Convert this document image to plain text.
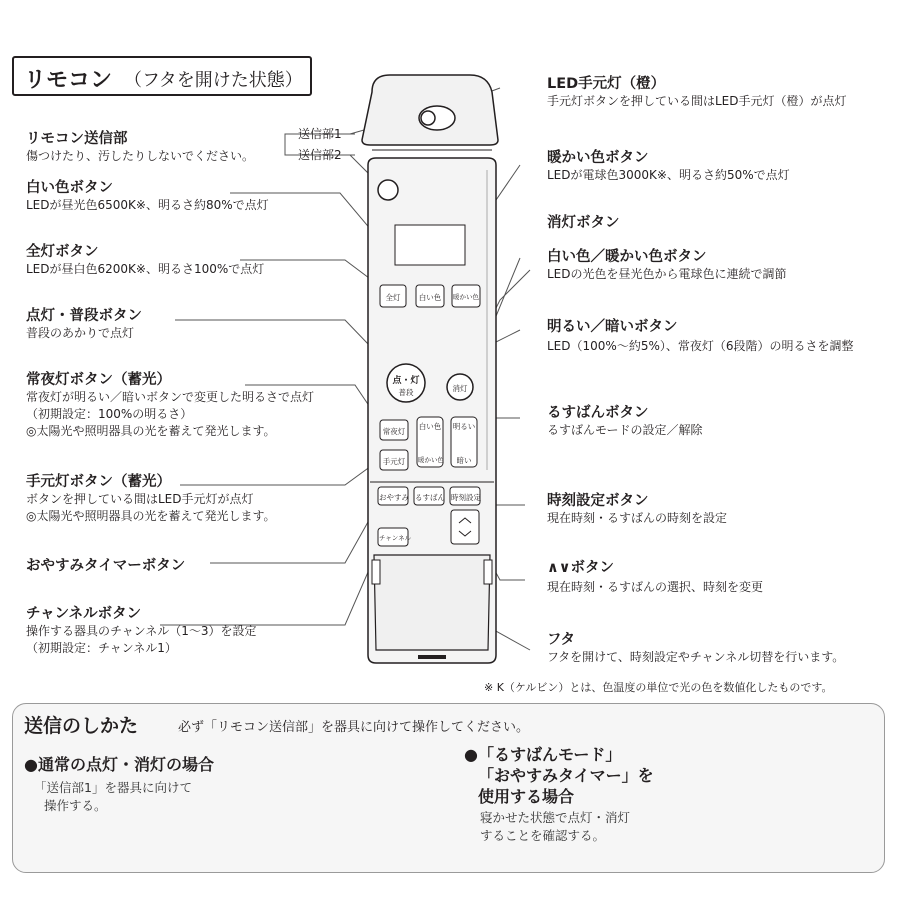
リモコン （フタを開けた状態）
全灯	白い色 暖かい色
点・灯
普段	消灯
常夜灯
手元灯
白い色
暖かい色
明るい
暗い
おやすみ るすばん 時刻設定
チャンネル
送信部1
送信部2
リモコン送信部
傷つけたり、汚したりしないでください。
白い色ボタン
LEDが昼光色6500K※、明るさ約80%で点灯
全灯ボタン
LEDが昼白色6200K※、明るさ100%で点灯
点灯・普段ボタン
普段のあかりで点灯
常夜灯ボタン（蓄光）
常夜灯が明るい／暗いボタンで変更した明るさで点灯
（初期設定：100%の明るさ）
◎太陽光や照明器具の光を蓄えて発光します。
手元灯ボタン（蓄光）
ボタンを押している間はLED手元灯が点灯
◎太陽光や照明器具の光を蓄えて発光します。
おやすみタイマーボタン
チャンネルボタン
操作する器具のチャンネル（1～3）を設定
（初期設定：チャンネル1）
LED手元灯（橙）
手元灯ボタンを押している間はLED手元灯（橙）が点灯
暖かい色ボタン
LEDが電球色3000K※、明るさ約50%で点灯
消灯ボタン
白い色／暖かい色ボタン
LEDの光色を昼光色から電球色に連続で調節
明るい／暗いボタン
LED（100%～約5%）、常夜灯（6段階）の明るさを調整
るすばんボタン
るすばんモードの設定／解除
時刻設定ボタン
現在時刻・るすばんの時刻を設定
∧∨ボタン
現在時刻・るすばんの選択、時刻を変更
フタ
フタを開けて、時刻設定やチャンネル切替を行います。
※ K（ケルビン）とは、色温度の単位で光の色を数値化したものです。
送信のしかた	必ず「リモコン送信部」を器具に向けて操作してください。
●通常の点灯・消灯の場合
「送信部1」を器具に向けて
操作する。
●「るすばんモード」
「おやすみタイマー」を
使用する場合
寝かせた状態で点灯・消灯
することを確認する。
